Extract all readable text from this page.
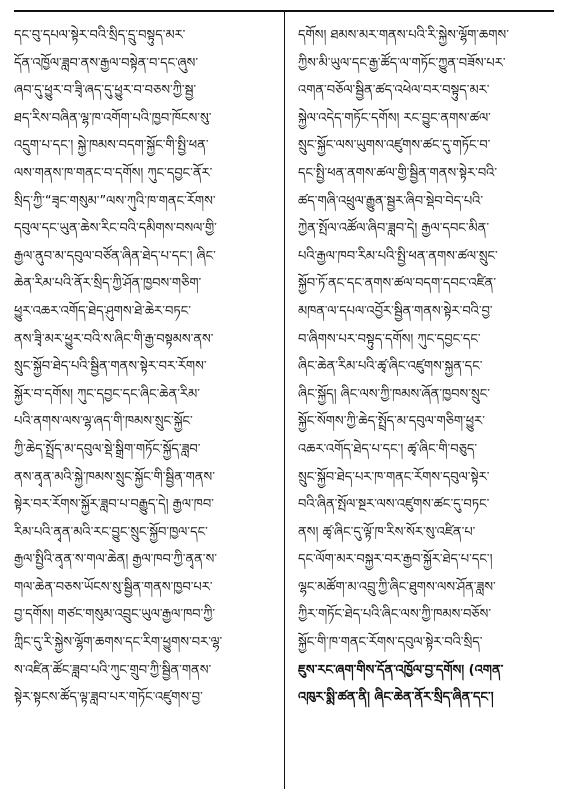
དང་བུ་དཔལ་སྟེར་བའི་སྲིད་དྲུ་བསྟུད་མར་
དོན་འཁྱོལ་ཟླབ་ནས་རྒྱལ་བསྟེན་བ་དང་ཞུས་
ཞབ་དུ་ཕྱུར་བ་ཟྭི་ཞད་དུ་ཕྱུར་བ་བཅས་ཀྱི་སྦྱ་
ཐད་རིས་བཞིན་ལྷ་ཁ་འགོག་པའི་ཁྱབ་ཁོངས་སུ་
འདྲུག་པ་དང་། སྐྱེ་ཁམས་བདག་སྐྱོང་གི་སྤྱི་ཕན་
ལས་གནས་ཁ་གནང་བ་དགོས། ཀུང་དབྱང་ནོར་
སྲིད་ཀྱི་“ཟྭང་གསུམ་”ལས་ཀུའི་ཁ་གནང་རོགས་
དབུལ་དང་ཡུན་ཆེས་རིང་བའི་དམིགས་བསལ་གྱི་
རྒྱལ་ནུབ་མ་དབུལ་བཙོན་ཞིན་ཐེད་པ་དང་། ཞིང་
ཆེན་རིམ་པའི་ནོར་སྲིད་ཀྱི་ཤོན་ཁྱབས་གཅིག་
ཕྱུར་འཆར་འགོད་ཐེད་ཤུགས་ཐེ་ཆེར་བཏང་
ནས་ཟྭི་མར་ཕྱུར་བའི་ས་ཞིང་གི་རྒྱ་བསྟམས་ནས་
སྲུང་སྐྱོབ་ཐེད་པའི་སྦྱིན་གནས་སྟེར་བར་རོགས་
སྐྱོར་བ་དགོས། ཀུང་དབྱང་དང་ཞིང་ཆེན་རིམ་
པའི་ནགས་ལས་ལྷ་ཞད་གི་ཁམས་སྲུང་སྐྱོང་
ཀྱི་ཆེད་སྤྲོད་མ་དབུལ་སྡེ་སྒྲིག་གཏོང་སྐྱོད་ཟླབ་
ནས་ནྭན་མའི་སྐྱེ་ཁམས་སྲུང་སྐྱོང་གི་སྦྱིན་གནས་
སྟེར་བར་རོགས་སྐྱོར་ཟླབ་པ་བརྒྱུད་དེ། རྒྱལ་ཁབ་
རིམ་པའི་ནྭན་མའི་རང་བྱུང་སྲུང་སྐྱོབ་ཁྱལ་དང་
རྒྱལ་སྤྱིའི་ནྭན་ས་གལ་ཆེན། རྒྱལ་ཁབ་ཀྱི་ནྭན་ས་
གལ་ཆེན་བཅས་ཡོངས་སུ་སྦྱིན་གནས་ཁྱབ་པར་
བྱ་དགོས། གཙང་གསུམ་འབྲུང་ཡུལ་རྒྱལ་ཁབ་ཀྱི་
ཀླིང་དུ་རི་སྐྱེས་ལྷོག་ཆགས་དང་རིག་ཕྱུགས་བར་ལྷ་
ས་འཛིན་ཚོང་ཟླབ་པའི་ཀུང་གྲུབ་ཀྱི་སྦྱིན་གནས་
སྟེར་སྟངས་ཚོད་ལྟ་ཟླབ་པར་གཏོང་འཛུགས་བྱ་
དགོས། ཐམས་མར་གནས་པའི་རི་སྐྱེས་ལྷོག་ཆགས་
ཀྱིས་མི་ཡུལ་དང་རྒྱ་ཚོད་ལ་གཏོང་ཀྱུན་བཟོས་པར་
འགན་བཅོལ་སྦྱིན་ཚད་འཕེལ་བར་བསྟུད་མར་
སྐྱེལ་འདེད་གཏོང་དགོས། རང་བྱུང་ནགས་ཚལ་
སྲུང་སྐྱོང་ལས་ཡུགས་འཛུགས་ཚང་དུ་གཏོང་བ་
དང་སྤྱི་ཕན་ནགས་ཚལ་གྱི་སྦྱིན་གནས་སྟེར་བའི་
ཚད་གཞི་འཕྲུལ་རྒྱུན་སྦྱར་ཞིབ་སྡེབ་བེད་པའི་
ཀྱེན་སྤོལ་འཚོལ་ཞིབ་ཟླབ་དེ། རྒྱལ་དབང་མིན་
པའི་རྒྱལ་ཁབ་རིམ་པའི་སྤྱི་ཕན་ནགས་ཚལ་སྲུང་
སྐྱོབ་ཏོ་ནང་དང་ནགས་ཚལ་བདག་དབང་འཛིན་
མཁན་ལ་དཔལ་འབྱོར་སྦྱིན་གནས་སྟེར་བའི་བྱ་
བ་ཞིགས་པར་བསྟུད་དགོས། ཀུང་དབྱང་དང་
ཞིང་ཆེན་རིམ་པའི་ཚྭ་ཞིང་འཛུགས་སྐྱན་དང་
ཞིང་སྐྱོད། ཞིང་ལས་ཀྱི་ཁམས་ཞོན་ཁྱབས་སྲུང་
སྐྱོང་སོགས་ཀྱི་ཆེད་སྤྲོད་མ་དབུལ་གཅིག་ཕྱུར་
འཆར་འགོད་ཐེད་པ་དང་། ཚྭ་ཞིང་གི་བཅུད་
སྲུང་སྐྱོབ་ཐེད་པར་ཁ་གནང་རོགས་དབུལ་སྟེར་
བའི་ཞིན་སྤོལ་སྔར་ལས་འཛུགས་ཚང་དུ་བཏང་
ནས། ཚྭ་ཞིང་དུ་ལྟོ་ཁ་རིས་སོར་སུ་འཛིན་པ་
དང་ལོག་མར་བསྐྱར་བར་རྒྱབ་སྐྱོར་ཐེད་པ་དང་།
ལྷང་མཚོག་མ་འབྲུ་ཀྱི་ཞིང་ཐུགས་ལས་ཤོན་ཟླས་
ཀྱིར་གཏོང་ཐེད་པའི་ཞིང་ལས་ཀྱི་ཁམས་བཅོས་
སྐྱོང་གི་ཁ་གནང་རོགས་དབུལ་སྟེར་བའི་སྲིད་
ཇུས་རང་ཞག་གིས་དོན་འཁྱོལ་བྱ་དགོས། (འགན་
འཁུར་སྨི་ཚན་ནི། ཞིང་ཆེན་ནོར་སྲིད་ཞིན་དང་།
